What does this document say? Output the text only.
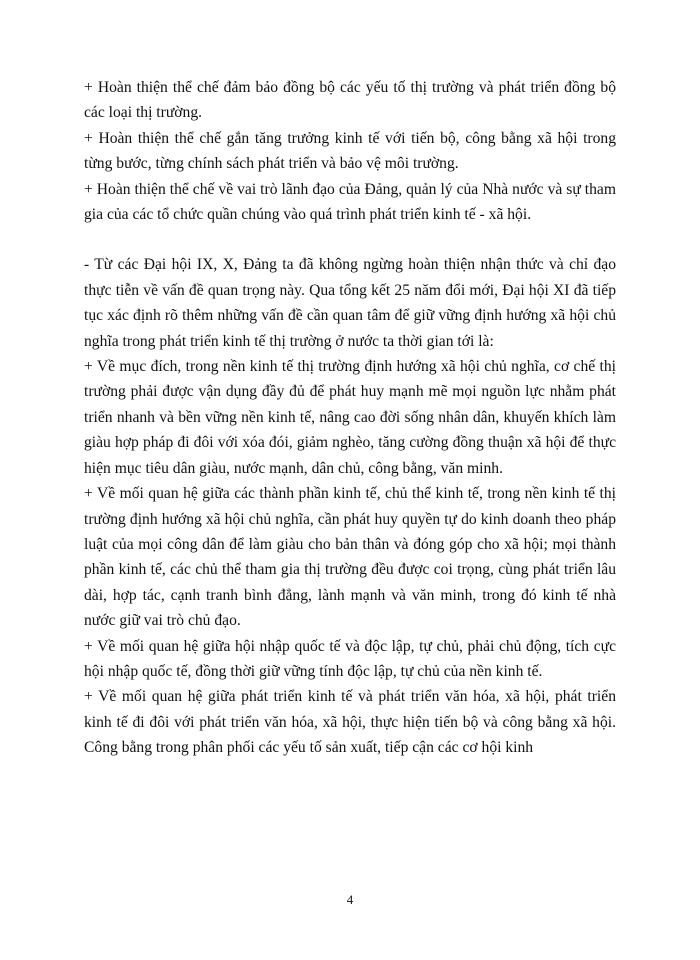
+ Hoàn thiện thể chế đảm bảo đồng bộ các yếu tố thị trường và phát triển đồng bộ các loại thị trường.

+ Hoàn thiện thể chế gắn tăng trưởng kinh tế với tiến bộ, công bằng xã hội trong từng bước, từng chính sách phát triển và bảo vệ môi trường.

+ Hoàn thiện thể chế về vai trò lãnh đạo của Đảng, quản lý của Nhà nước và sự tham gia của các tổ chức quần chúng vào quá trình phát triển kinh tế - xã hội.

- Từ các Đại hội IX, X, Đảng ta đã không ngừng hoàn thiện nhận thức và chỉ đạo thực tiễn về vấn đề quan trọng này. Qua tổng kết 25 năm đổi mới, Đại hội XI đã tiếp tục xác định rõ thêm những vấn đề cần quan tâm để giữ vững định hướng xã hội chủ nghĩa trong phát triển kinh tế thị trường ở nước ta thời gian tới là:

+ Về mục đích, trong nền kinh tế thị trường định hướng xã hội chủ nghĩa, cơ chế thị trường phải được vận dụng đầy đủ để phát huy mạnh mẽ mọi nguồn lực nhằm phát triển nhanh và bền vững nền kinh tế, nâng cao đời sống nhân dân, khuyến khích làm giàu hợp pháp đi đôi với xóa đói, giảm nghèo, tăng cường đồng thuận xã hội để thực hiện mục tiêu dân giàu, nước mạnh, dân chủ, công bằng, văn minh.

+ Về mối quan hệ giữa các thành phần kinh tế, chủ thể kinh tế, trong nền kinh tế thị trường định hướng xã hội chủ nghĩa, cần phát huy quyền tự do kinh doanh theo pháp luật của mọi công dân để làm giàu cho bản thân và đóng góp cho xã hội; mọi thành phần kinh tế, các chủ thể tham gia thị trường đều được coi trọng, cùng phát triển lâu dài, hợp tác, cạnh tranh bình đẳng, lành mạnh và văn minh, trong đó kinh tế nhà nước giữ vai trò chủ đạo.

+ Về mối quan hệ giữa hội nhập quốc tế và độc lập, tự chủ, phải chủ động, tích cực hội nhập quốc tế, đồng thời giữ vững tính độc lập, tự chủ của nền kinh tế.

+ Về mối quan hệ giữa phát triển kinh tế và phát triển văn hóa, xã hội, phát triển kinh tế đi đôi với phát triển văn hóa, xã hội, thực hiện tiến bộ và công bằng xã hội. Công bằng trong phân phối các yếu tố sản xuất, tiếp cận các cơ hội kinh

4
